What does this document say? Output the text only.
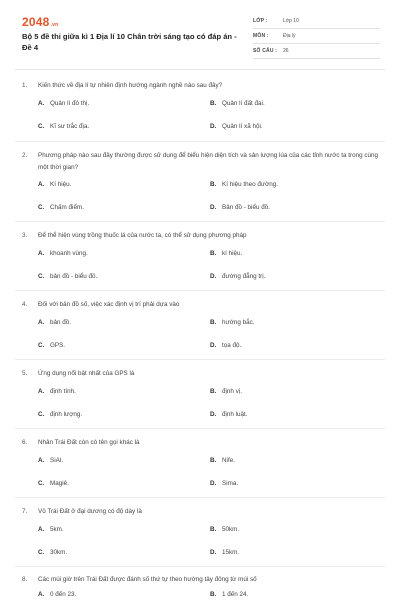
2048.vn
Bộ 5 đề thi giữa kì 1 Địa lí 10 Chân trời sáng tạo có đáp án - Đề 4
LỚP :	Lớp 10
MÔN :	Địa lý
SỐ CÂU : 26
1. Kiến thức về địa lí tự nhiên định hướng ngành nghề nào sau đây?
A. Quản lí đô thị.	B. Quản lí đất đai.
C. Kĩ sư trắc địa.	D. Quản lí xã hội.
2. Phương pháp nào sau đây thường được sử dụng để biểu hiện diện tích và sản lượng lúa của các tỉnh nước ta trong cùng một thời gian?
A. Kí hiệu.	B. Kí hiệu theo đường.
C. Chấm điểm.	D. Bản đồ - biểu đồ.
3. Để thể hiện vùng trồng thuốc lá của nước ta, có thể sử dụng phương pháp
A. khoanh vùng.	B. kí hiệu.
C. bản đồ - biểu đồ.	D. đường đẳng trị.
4. Đối với bản đồ số, việc xác định vị trí phải dựa vào
A. bản đồ.	B. hướng bắc.
C. GPS.	D. tọa độ.
5. Ứng dụng nổi bật nhất của GPS là
A. định tính.	B. định vị.
C. định lượng.	D. định luật.
6. Nhân Trái Đất còn có tên gọi khác là
A. SiAl.	B. Nife.
C. Magiê.	D. Sima.
7. Vỏ Trái Đất ở đại dương có độ dày là
A. 5km.	B. 50km.
C. 30km.	D. 15km.
8. Các múi giờ trên Trái Đất được đánh số thứ tự theo hướng tây đông từ múi số
A. 0 đến 23.	B. 1 đến 24.
